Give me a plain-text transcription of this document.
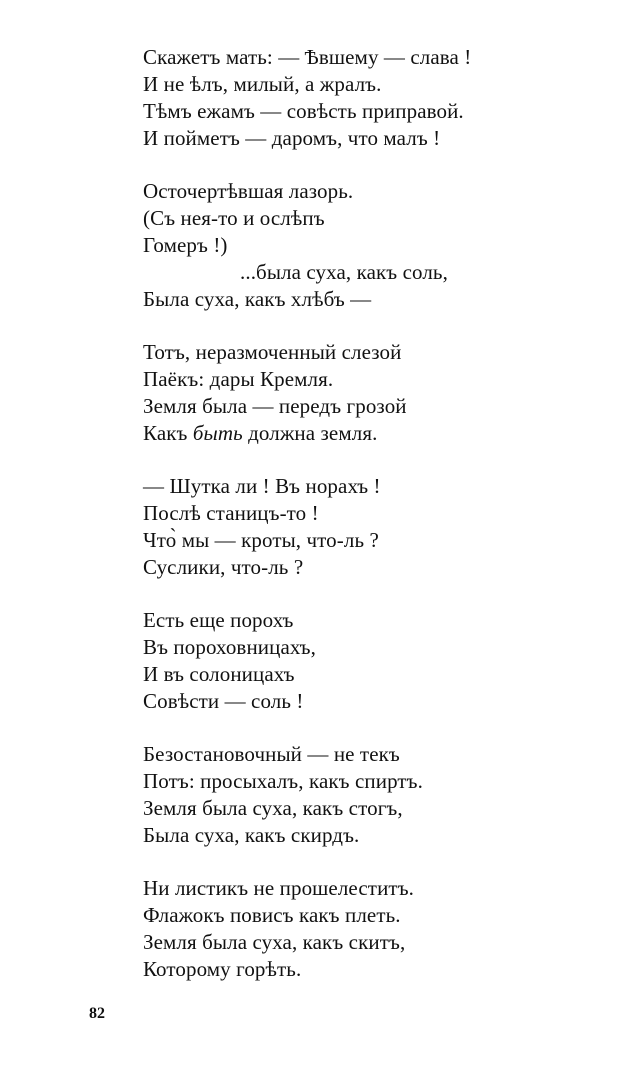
Скажетъ мать: — Ѣвшему — слава !
И не ѣлъ, милый, а жралъ.
Тѣмъ ежамъ — совѣсть приправой.
И пойметъ — даромъ, что малъ !
Осточертѣвшая лазорь.
(Съ нея-то и ослѣпъ
Гомеръ !)
...была суха, какъ соль,
Была суха, какъ хлѣбъ —
Тотъ, неразмоченный слезой
Паёкъ: дары Кремля.
Земля была — передъ грозой
Какъ быть должна земля.
— Шутка ли ! Въ норахъ !
Послѣ станицъ-то !
Что̀ мы — кроты, что-ль ?
Суслики, что-ль ?
Есть еще порохъ
Въ пороховницахъ,
И въ солоницахъ
Совѣсти — соль !
Безостановочный — не текъ
Потъ: просыхалъ, какъ спиртъ.
Земля была суха, какъ стогъ,
Была суха, какъ скирдъ.
Ни листикъ не прошелеститъ.
Флажокъ повисъ какъ плеть.
Земля была суха, какъ скитъ,
Которому горѣть.
82
